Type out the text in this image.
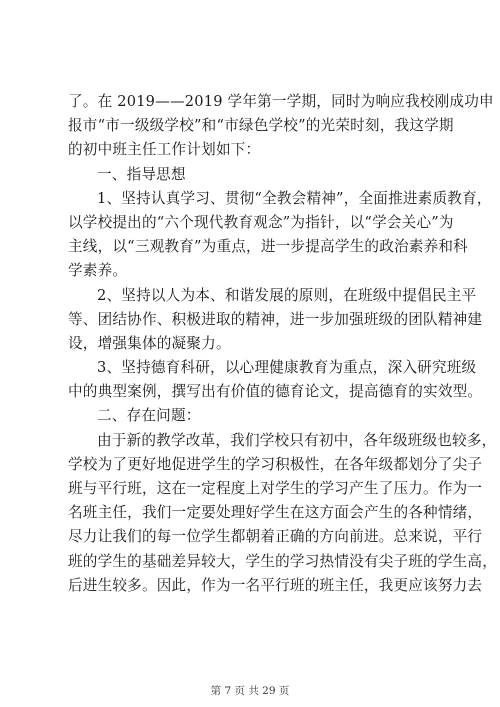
了。在 2019——2019 学年第一学期，同时为响应我校刚成功申
报市“市一级级学校”和“市绿色学校”的光荣时刻，我这学期
的初中班主任工作计划如下：
一、指导思想
1、坚持认真学习、贯彻“全教会精神”，全面推进素质教育，
以学校提出的“六个现代教育观念”为指针，以“学会关心”为
主线，以“三观教育”为重点，进一步提高学生的政治素养和科
学素养。
2、坚持以人为本、和谐发展的原则，在班级中提倡民主平
等、团结协作、积极进取的精神，进一步加强班级的团队精神建
设，增强集体的凝聚力。
3、坚持德育科研，以心理健康教育为重点，深入研究班级
中的典型案例，撰写出有价值的德育论文，提高德育的实效型。
二、存在问题：
由于新的教学改革，我们学校只有初中，各年级班级也较多，
学校为了更好地促进学生的学习积极性，在各年级都划分了尖子
班与平行班，这在一定程度上对学生的学习产生了压力。作为一
名班主任，我们一定要处理好学生在这方面会产生的各种情绪，
尽力让我们的每一位学生都朝着正确的方向前进。总来说，平行
班的学生的基础差异较大，学生的学习热情没有尖子班的学生高，
后进生较多。因此，作为一名平行班的班主任，我更应该努力去
第 7 页 共 29 页
